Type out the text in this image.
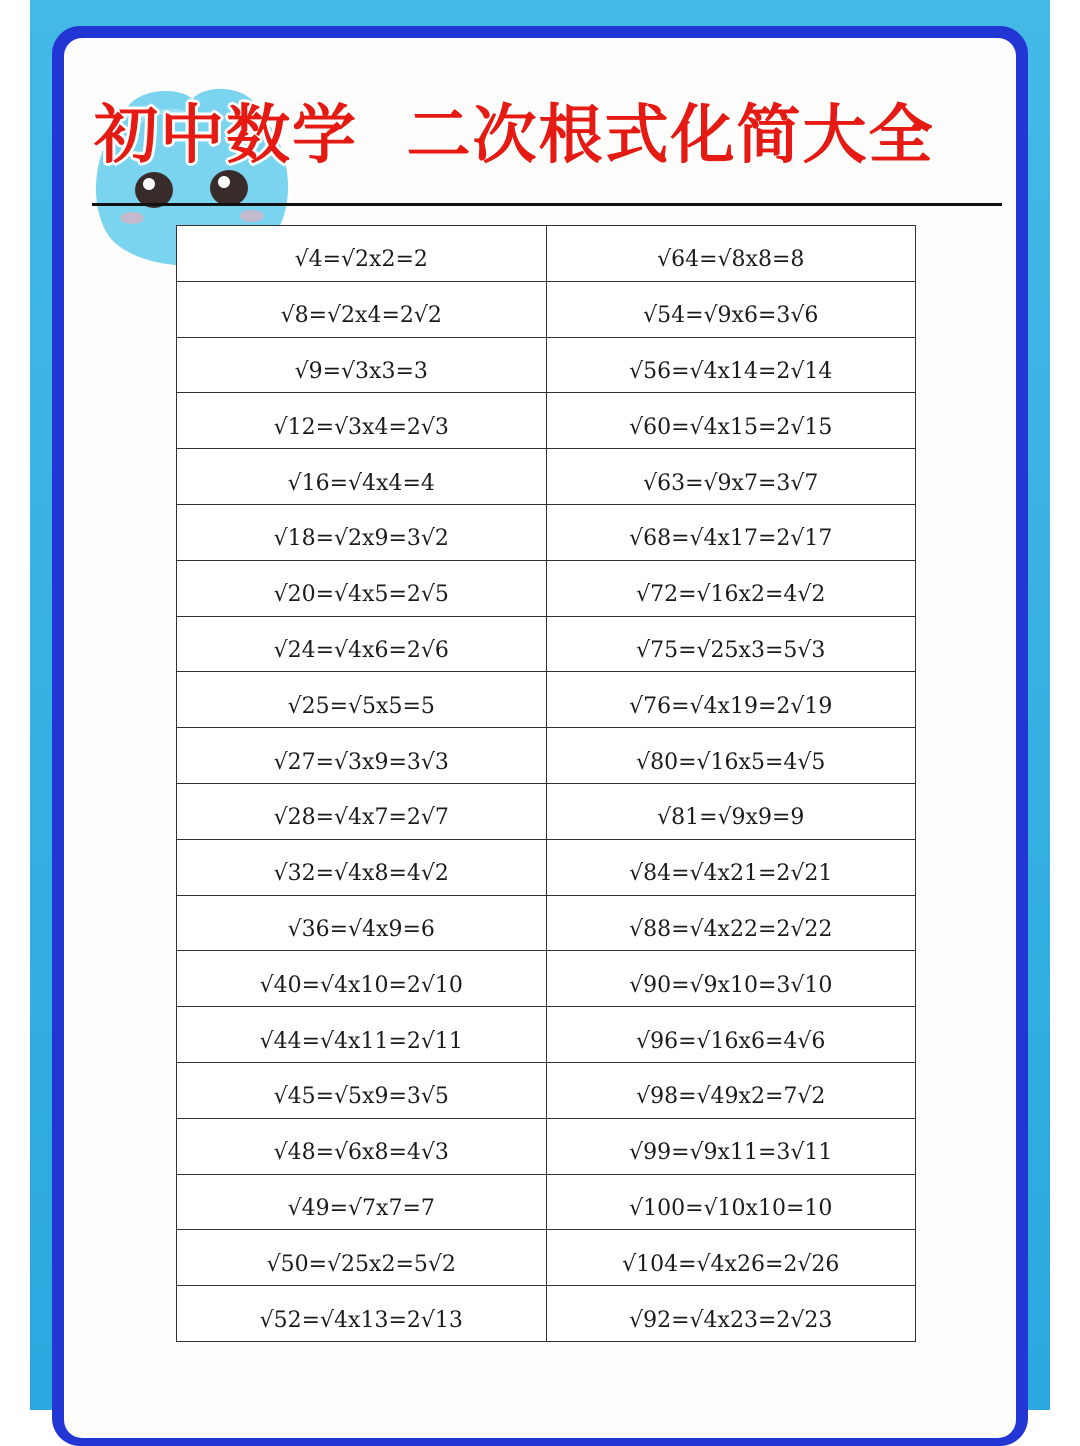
初中数学  二次根式化简大全
√4=√2x2=2	√64=√8x8=8
√8=√2x4=2√2	√54=√9x6=3√6
√9=√3x3=3	√56=√4x14=2√14
√12=√3x4=2√3	√60=√4x15=2√15
√16=√4x4=4	√63=√9x7=3√7
√18=√2x9=3√2	√68=√4x17=2√17
√20=√4x5=2√5	√72=√16x2=4√2
√24=√4x6=2√6	√75=√25x3=5√3
√25=√5x5=5	√76=√4x19=2√19
√27=√3x9=3√3	√80=√16x5=4√5
√28=√4x7=2√7	√81=√9x9=9
√32=√4x8=4√2	√84=√4x21=2√21
√36=√4x9=6	√88=√4x22=2√22
√40=√4x10=2√10	√90=√9x10=3√10
√44=√4x11=2√11	√96=√16x6=4√6
√45=√5x9=3√5	√98=√49x2=7√2
√48=√6x8=4√3	√99=√9x11=3√11
√49=√7x7=7	√100=√10x10=10
√50=√25x2=5√2	√104=√4x26=2√26
√52=√4x13=2√13	√92=√4x23=2√23
